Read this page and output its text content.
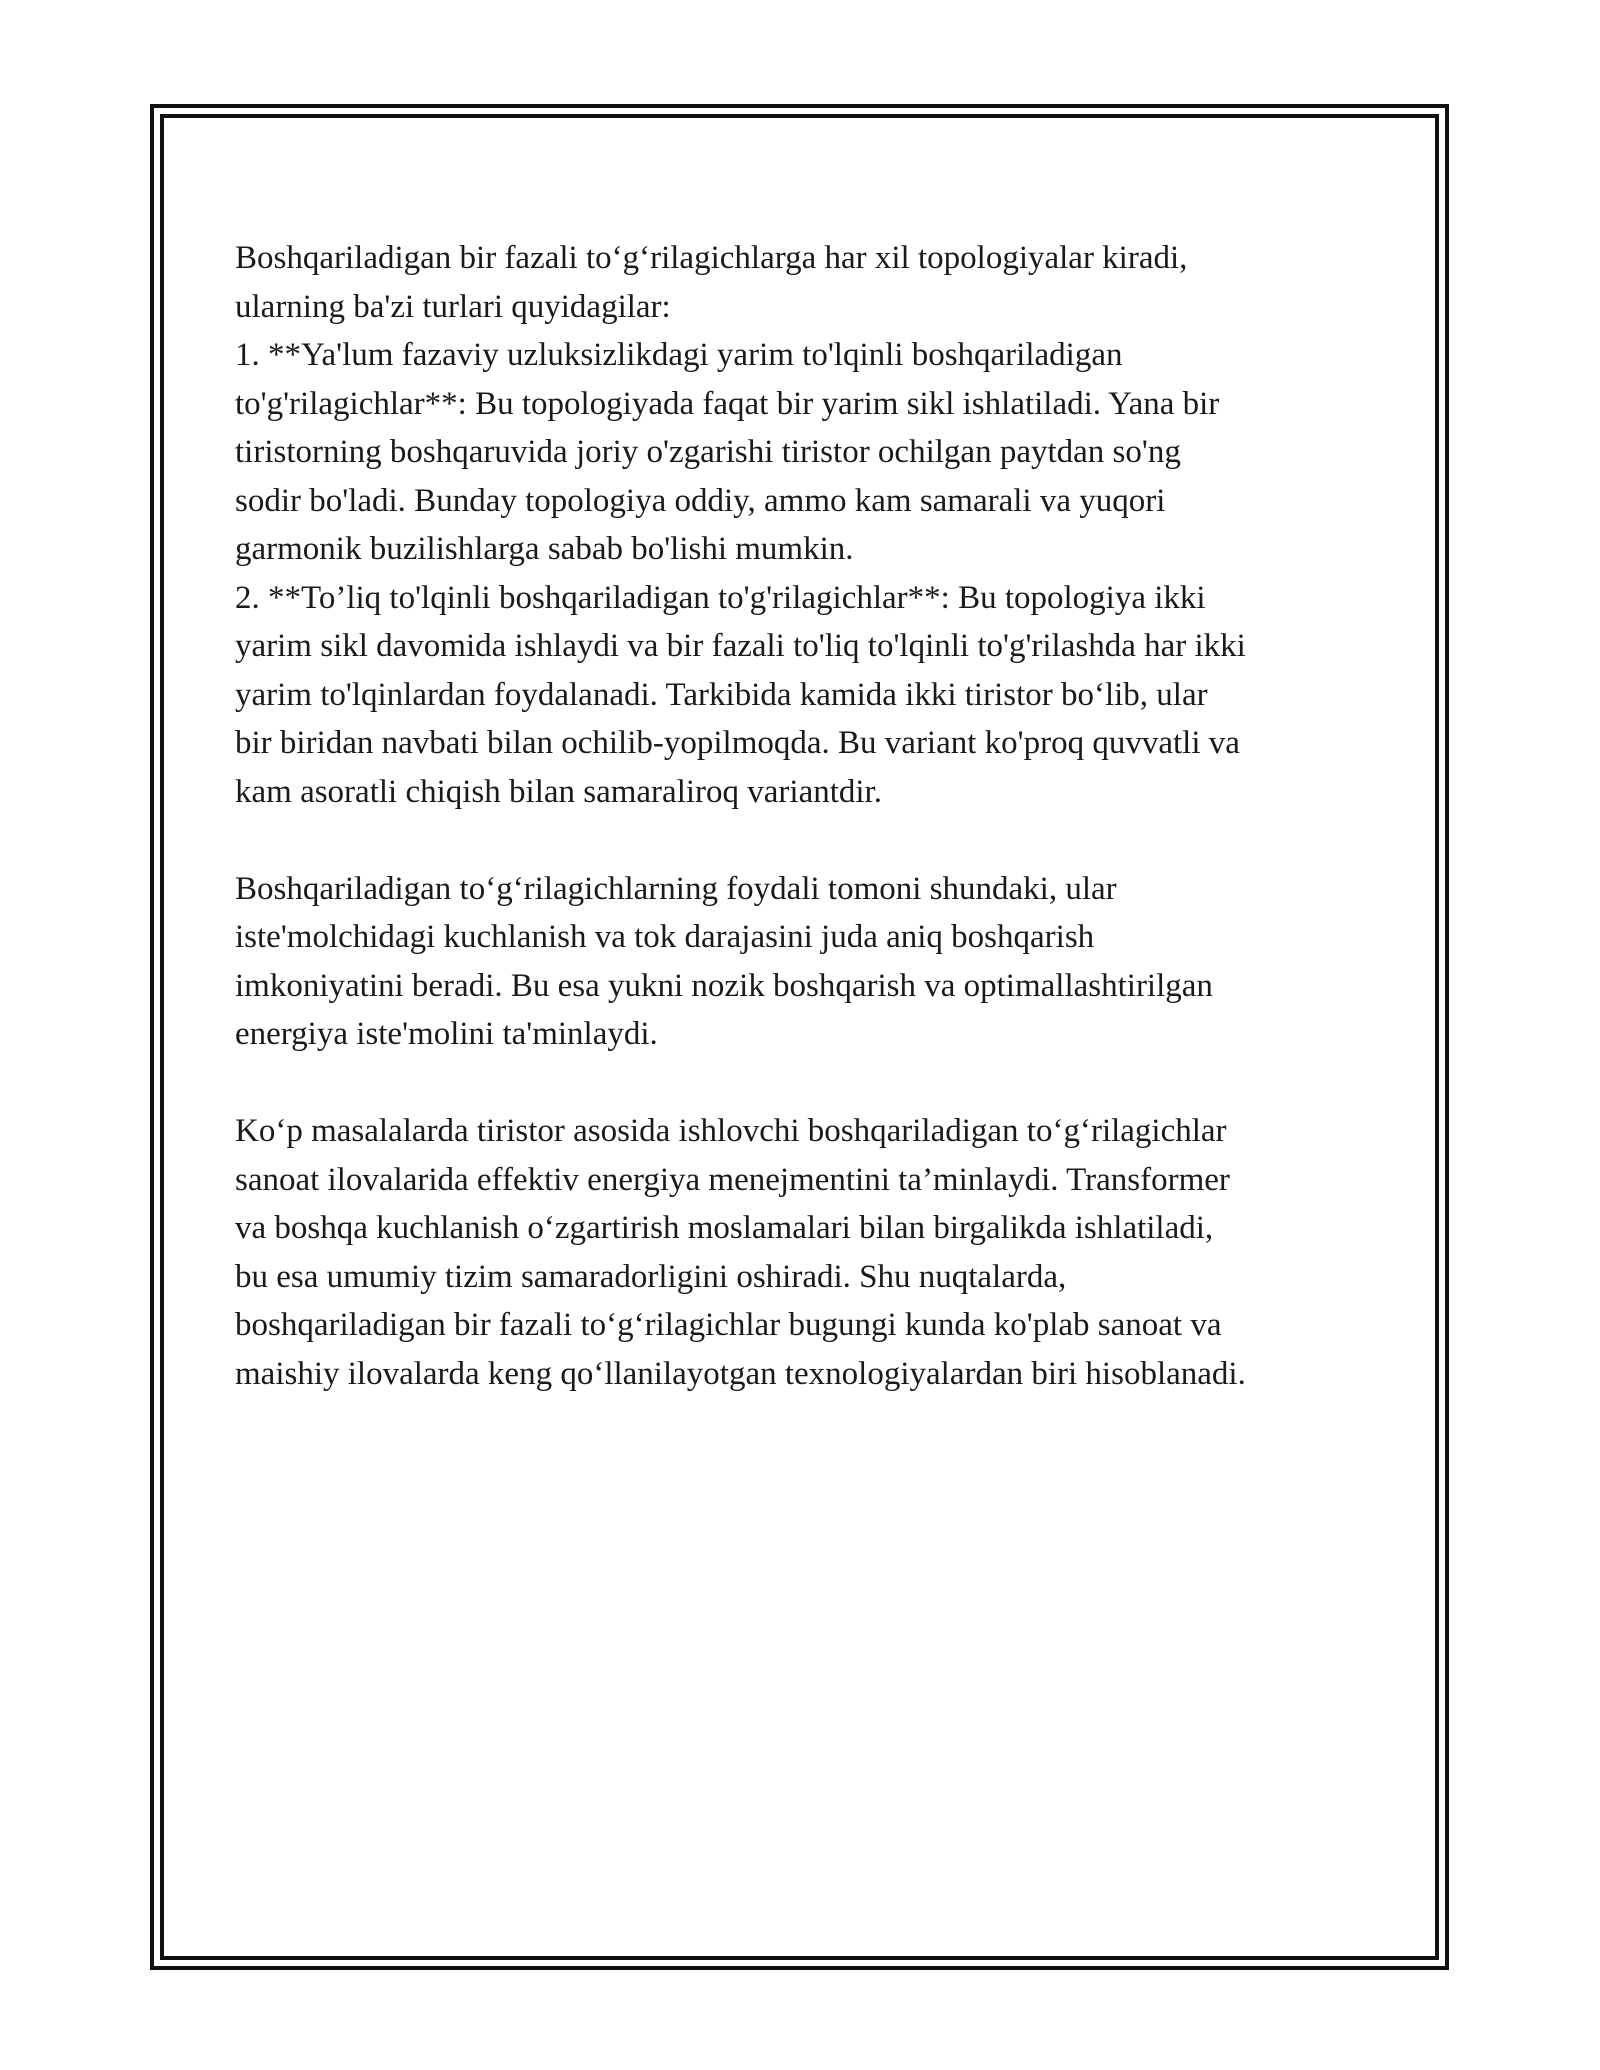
Boshqariladigan bir fazali to‘g‘rilagichlarga har xil topologiyalar kiradi,
ularning ba'zi turlari quyidagilar:
1. **Ya'lum fazaviy uzluksizlikdagi yarim to'lqinli boshqariladigan
to'g'rilagichlar**: Bu topologiyada faqat bir yarim sikl ishlatiladi. Yana bir
tiristorning boshqaruvida joriy o'zgarishi tiristor ochilgan paytdan so'ng
sodir bo'ladi. Bunday topologiya oddiy, ammo kam samarali va yuqori
garmonik buzilishlarga sabab bo'lishi mumkin.
2. **To’liq to'lqinli boshqariladigan to'g'rilagichlar**: Bu topologiya ikki
yarim sikl davomida ishlaydi va bir fazali to'liq to'lqinli to'g'rilashda har ikki
yarim to'lqinlardan foydalanadi. Tarkibida kamida ikki tiristor bo‘lib, ular
bir biridan navbati bilan ochilib-yopilmoqda. Bu variant ko'proq quvvatli va
kam asoratli chiqish bilan samaraliroq variantdir.

Boshqariladigan to‘g‘rilagichlarning foydali tomoni shundaki, ular
iste'molchidagi kuchlanish va tok darajasini juda aniq boshqarish
imkoniyatini beradi. Bu esa yukni nozik boshqarish va optimallashtirilgan
energiya iste'molini ta'minlaydi.

Ko‘p masalalarda tiristor asosida ishlovchi boshqariladigan to‘g‘rilagichlar
sanoat ilovalarida effektiv energiya menejmentini ta’minlaydi. Transformer
va boshqa kuchlanish o‘zgartirish moslamalari bilan birgalikda ishlatiladi,
bu esa umumiy tizim samaradorligini oshiradi. Shu nuqtalarda,
boshqariladigan bir fazali to‘g‘rilagichlar bugungi kunda ko'plab sanoat va
maishiy ilovalarda keng qo‘llanilayotgan texnologiyalardan biri hisoblanadi.
